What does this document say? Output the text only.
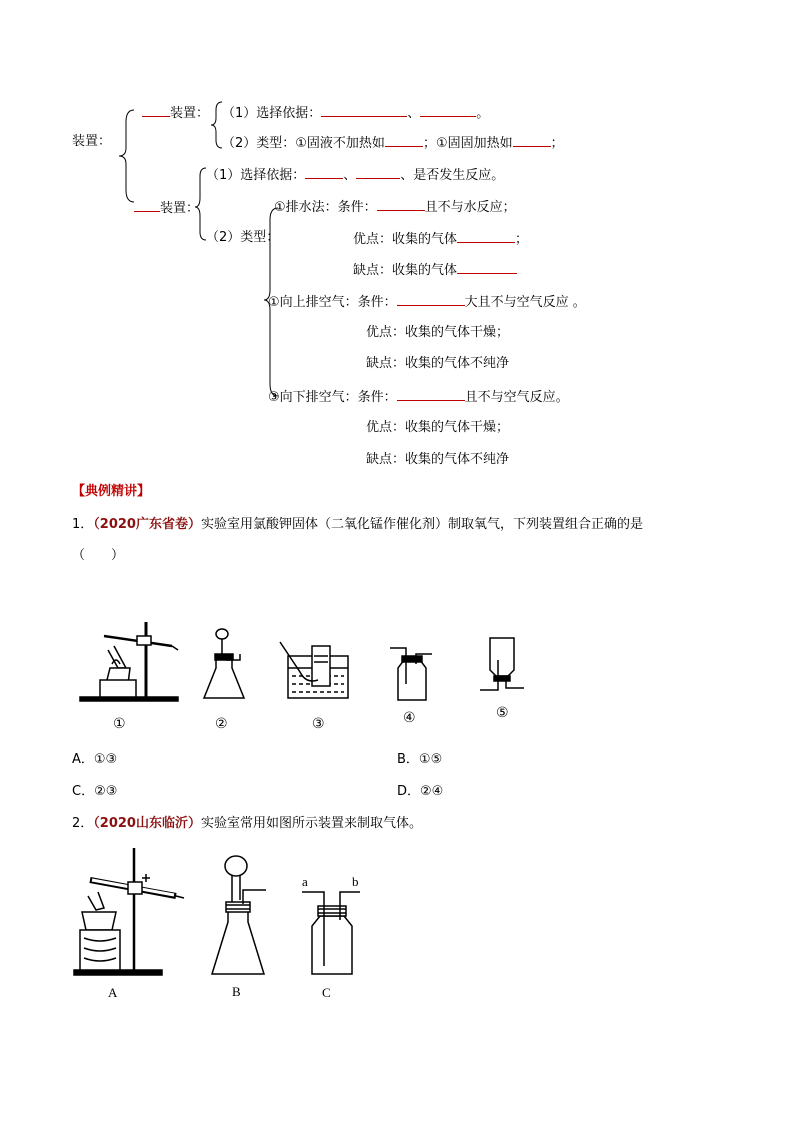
装置：
装置： （1）选择依据：	、	。
（2）类型：①固液不加热如	；①固固加热如	；
（1）选择依据：	、	、是否发生反应。
装置：
（2）类型：
①排水法：条件：	且不与水反应；
优点：收集的气体	；
缺点：收集的气体
①向上排空气：条件：	大且不与空气反应 。
优点：收集的气体干燥；
缺点：收集的气体不纯净
③向下排空气：条件：	且不与空气反应。
优点：收集的气体干燥；
缺点：收集的气体不纯净
【典例精讲】
1．（2020广东省卷）实验室用氯酸钾固体（二氧化锰作催化剂）制取氧气，下列装置组合正确的是
（　　）
①	②	③	④	⑤
A．①③	B．①⑤
C．②③	D．②④
2．（2020山东临沂）实验室常用如图所示装置来制取气体。
A	B
a	b
C
